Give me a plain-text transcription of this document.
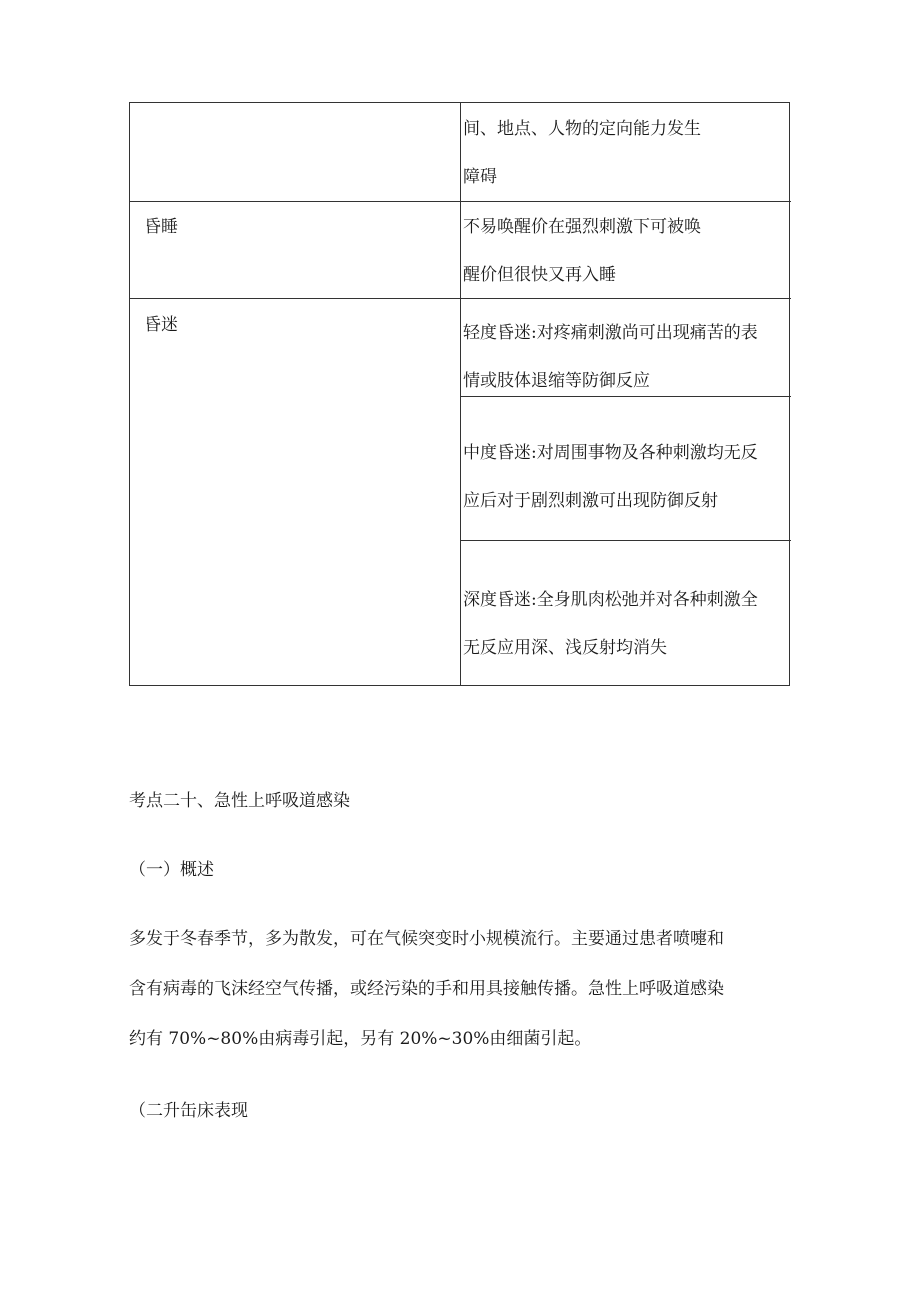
间、地点、人物的定向能力发生
障碍
昏睡	不易唤醒价在强烈刺激下可被唤
醒价但很快又再入睡
昏迷	轻度昏迷:对疼痛刺激尚可出现痛苦的表
情或肢体退缩等防御反应
中度昏迷:对周围事物及各种刺激均无反
应后对于剧烈刺激可出现防御反射
深度昏迷:全身肌肉松弛并对各种刺激全
无反应用深、浅反射均消失
考点二十、急性上呼吸道感染
（一）概述
多发于冬春季节，多为散发，可在气候突变时小规模流行。主要通过患者喷嚏和
含有病毒的飞沫经空气传播，或经污染的手和用具接触传播。急性上呼吸道感染
约有 70%~80%由病毒引起，另有 20%~30%由细菌引起。
（二升缶床表现
